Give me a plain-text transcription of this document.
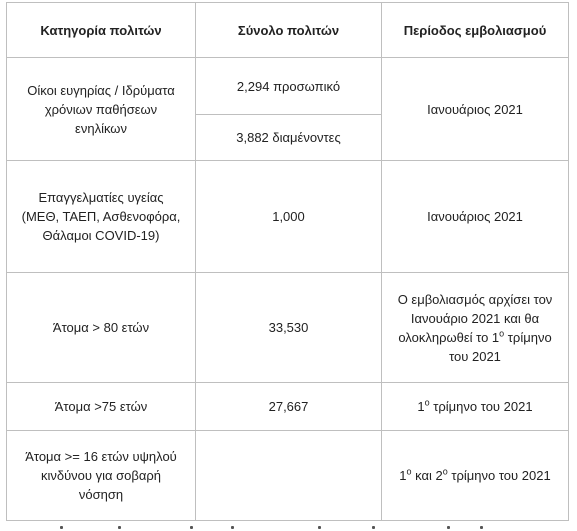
Κατηγορία πολιτών	Σύνολο πολιτών	Περίοδος εμβολιασμού
Οίκοι ευγηρίας / Ιδρύματα χρόνιων παθήσεων ενηλίκων	2,294 προσωπικό	Ιανουάριος 2021
	3,882 διαμένοντες	
Επαγγελματίες υγείας (ΜΕΘ, ΤΑΕΠ, Ασθενοφόρα, Θάλαμοι COVID-19)	1,000	Ιανουάριος 2021
Άτομα > 80 ετών	33,530	Ο εμβολιασμός αρχίσει τον Ιανουάριο 2021 και θα ολοκληρωθεί το $1^o$ τρίμηνο του 2021
Άτομα >75 ετών	27,667	$1^o$ τρίμηνο του 2021
Άτομα >= 16 ετών υψηλού κινδύνου για σοβαρή νόσηση		$1^o$ και $2^o$ τρίμηνο του 2021
